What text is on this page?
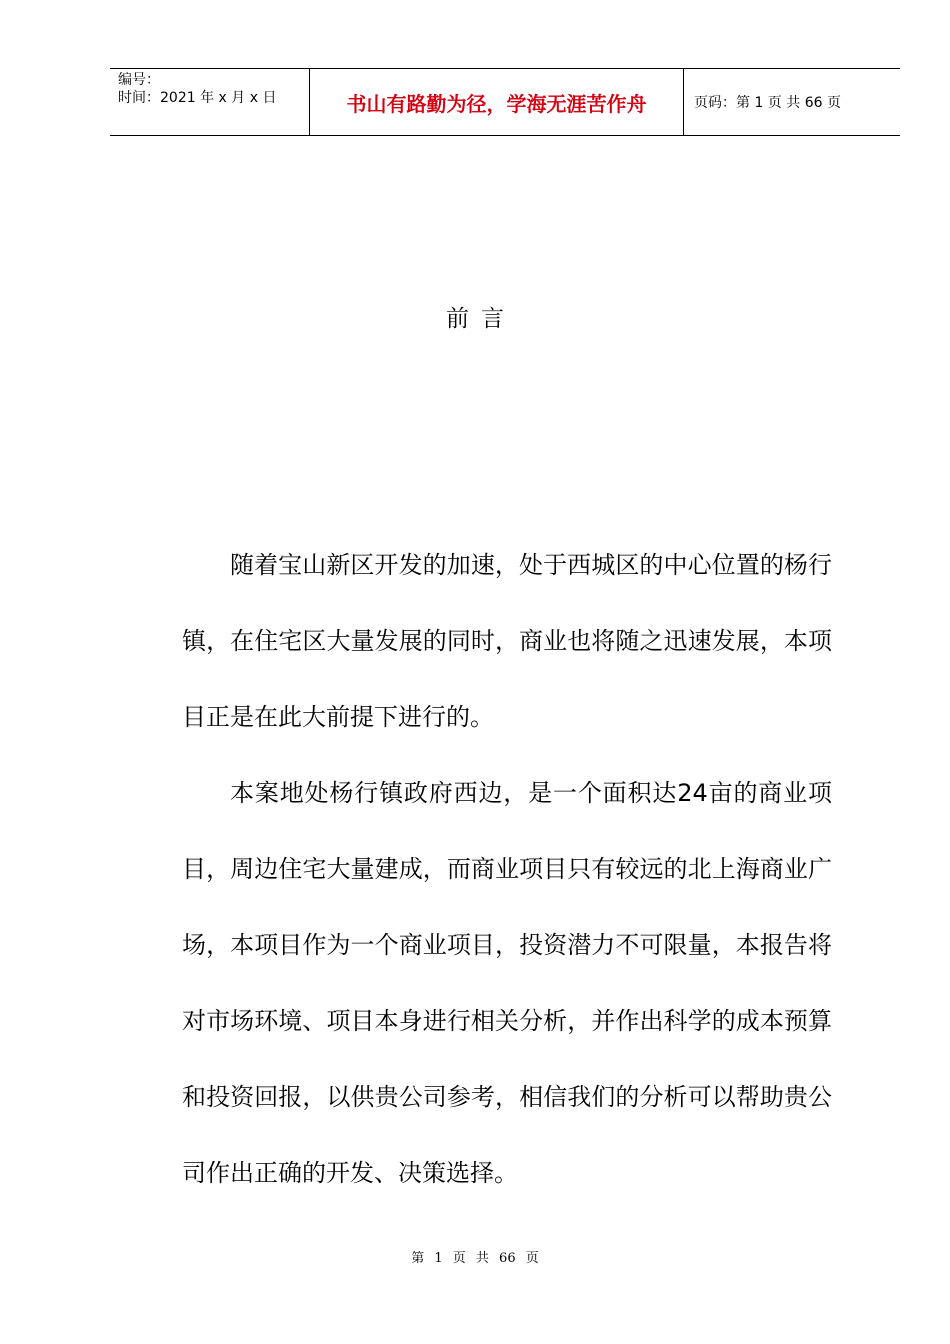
编号：
时间：2021 年 x 月 x 日	书山有路勤为径，学海无涯苦作舟	页码：第 1 页 共 66 页
前言

随着宝山新区开发的加速，处于西城区的中心位置的杨行镇，在住宅区大量发展的同时，商业也将随之迅速发展，本项目正是在此大前提下进行的。

本案地处杨行镇政府西边，是一个面积达24亩的商业项目，周边住宅大量建成，而商业项目只有较远的北上海商业广场，本项目作为一个商业项目，投资潜力不可限量，本报告将对市场环境、项目本身进行相关分析，并作出科学的成本预算和投资回报，以供贵公司参考，相信我们的分析可以帮助贵公司作出正确的开发、决策选择。

第 1 页 共 66 页
